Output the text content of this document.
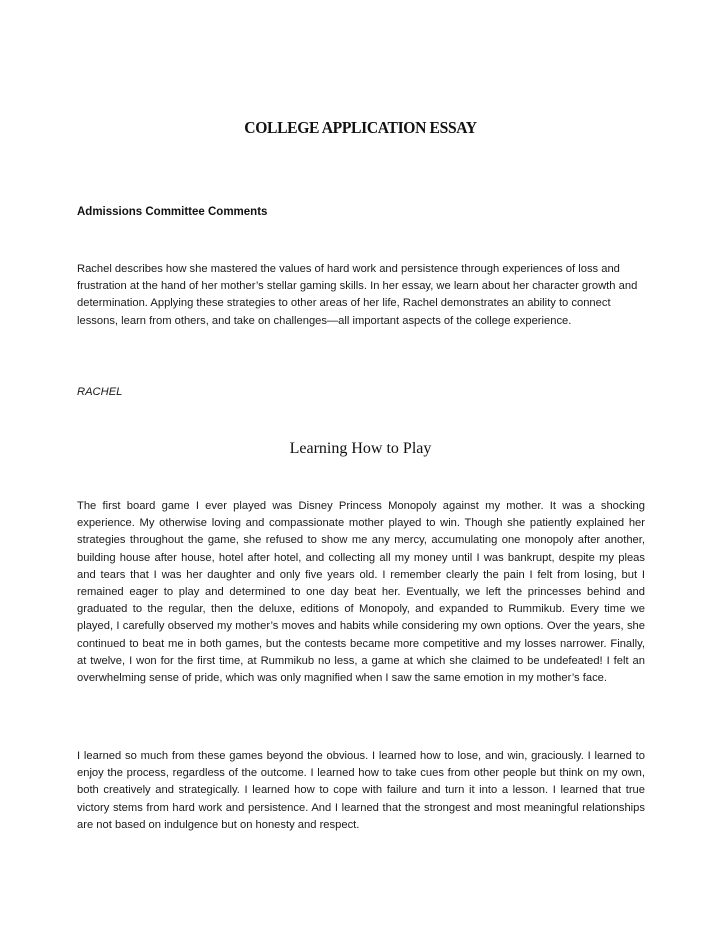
COLLEGE APPLICATION ESSAY
Admissions Committee Comments

Rachel describes how she mastered the values of hard work and persistence through experiences of loss and frustration at the hand of her mother’s stellar gaming skills. In her essay, we learn about her character growth and determination. Applying these strategies to other areas of her life, Rachel demonstrates an ability to connect lessons, learn from others, and take on challenges—all important aspects of the college experience.

RACHEL
Learning How to Play

The first board game I ever played was Disney Princess Monopoly against my mother. It was a shocking experience. My otherwise loving and compassionate mother played to win. Though she patiently explained her strategies throughout the game, she refused to show me any mercy, accumulating one monopoly after another, building house after house, hotel after hotel, and collecting all my money until I was bankrupt, despite my pleas and tears that I was her daughter and only five years old. I remember clearly the pain I felt from losing, but I remained eager to play and determined to one day beat her. Eventually, we left the princesses behind and graduated to the regular, then the deluxe, editions of Monopoly, and expanded to Rummikub. Every time we played, I carefully observed my mother’s moves and habits while considering my own options. Over the years, she continued to beat me in both games, but the contests became more competitive and my losses narrower. Finally, at twelve, I won for the first time, at Rummikub no less, a game at which she claimed to be undefeated! I felt an overwhelming sense of pride, which was only magnified when I saw the same emotion in my mother’s face.

I learned so much from these games beyond the obvious. I learned how to lose, and win, graciously. I learned to enjoy the process, regardless of the outcome. I learned how to take cues from other people but think on my own, both creatively and strategically. I learned how to cope with failure and turn it into a lesson. I learned that true victory stems from hard work and persistence. And I learned that the strongest and most meaningful relationships are not based on indulgence but on honesty and respect.
